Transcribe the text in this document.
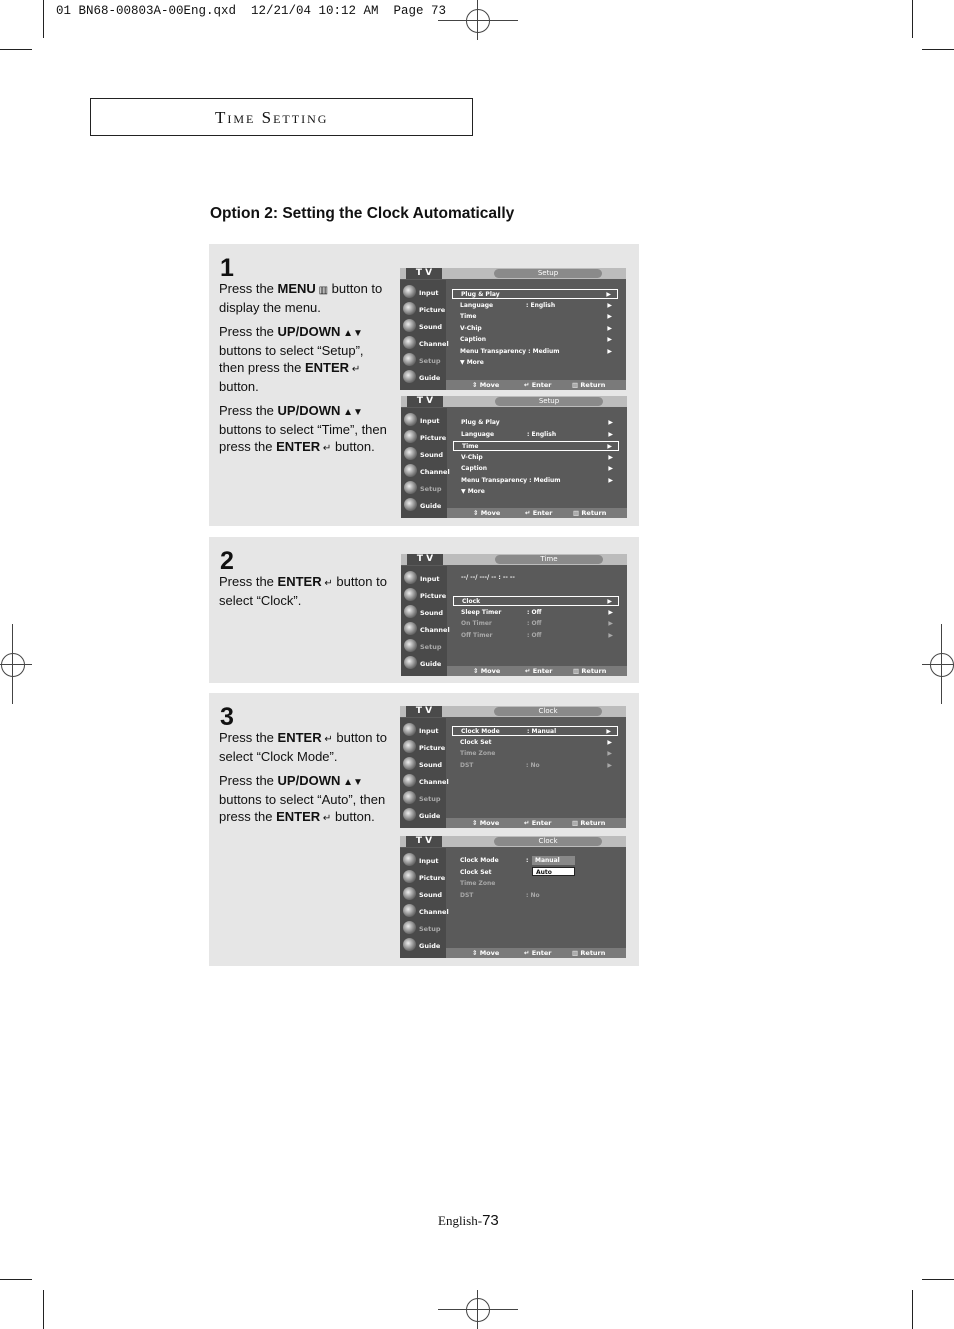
01 BN68-00803A-00Eng.qxd  12/21/04 10:12 AM  Page 73
Time Setting
Option 2: Setting the Clock Automatically
1

Press the MENU ▥ button to display the menu.

Press the UP/DOWN ▲▼ buttons to select “Setup”, then press the ENTER ↵ button.

Press the UP/DOWN ▲▼ buttons to select “Time”, then press the ENTER ↵ button.

2

Press the ENTER ↵ button to select “Clock”.

3

Press the ENTER ↵ button to select “Clock Mode”.

Press the UP/DOWN ▲▼ buttons to select “Auto”, then press the ENTER ↵ button.

T V	Setup
Input
Picture
Sound
Channel
Setup
Guide
Plug & Play	▶
Language	: English	▶
Time	▶
V-Chip	▶
Caption	▶
Menu Transparency : Medium	▶
▼ More
⇕ Move	↵ Enter	▥ Return
T V	Setup
Input
Picture
Sound
Channel
Setup
Guide
Plug & Play	▶
Language	: English	▶
Time	▶
V-Chip	▶
Caption	▶
Menu Transparency : Medium	▶
▼ More
⇕ Move	↵ Enter	▥ Return
T V	Time
Input
Picture
Sound
Channel
Setup
Guide
--/ --/ ---/ -- : -- --
Clock	▶
Sleep Timer	: Off	▶
On Timer	: Off	▶
Off Timer	: Off	▶
⇕ Move	↵ Enter	▥ Return
T V	Clock
Input
Picture
Sound
Channel
Setup
Guide
Clock Mode	: Manual	▶
Clock Set	▶
Time Zone	▶
DST	: No	▶
⇕ Move	↵ Enter	▥ Return
T V	Clock
Input
Picture
Sound
Channel
Setup
Guide
Clock Mode	:
Clock Set
Time Zone
DST	: No
Manual
Auto
⇕ Move	↵ Enter	▥ Return
English-73
